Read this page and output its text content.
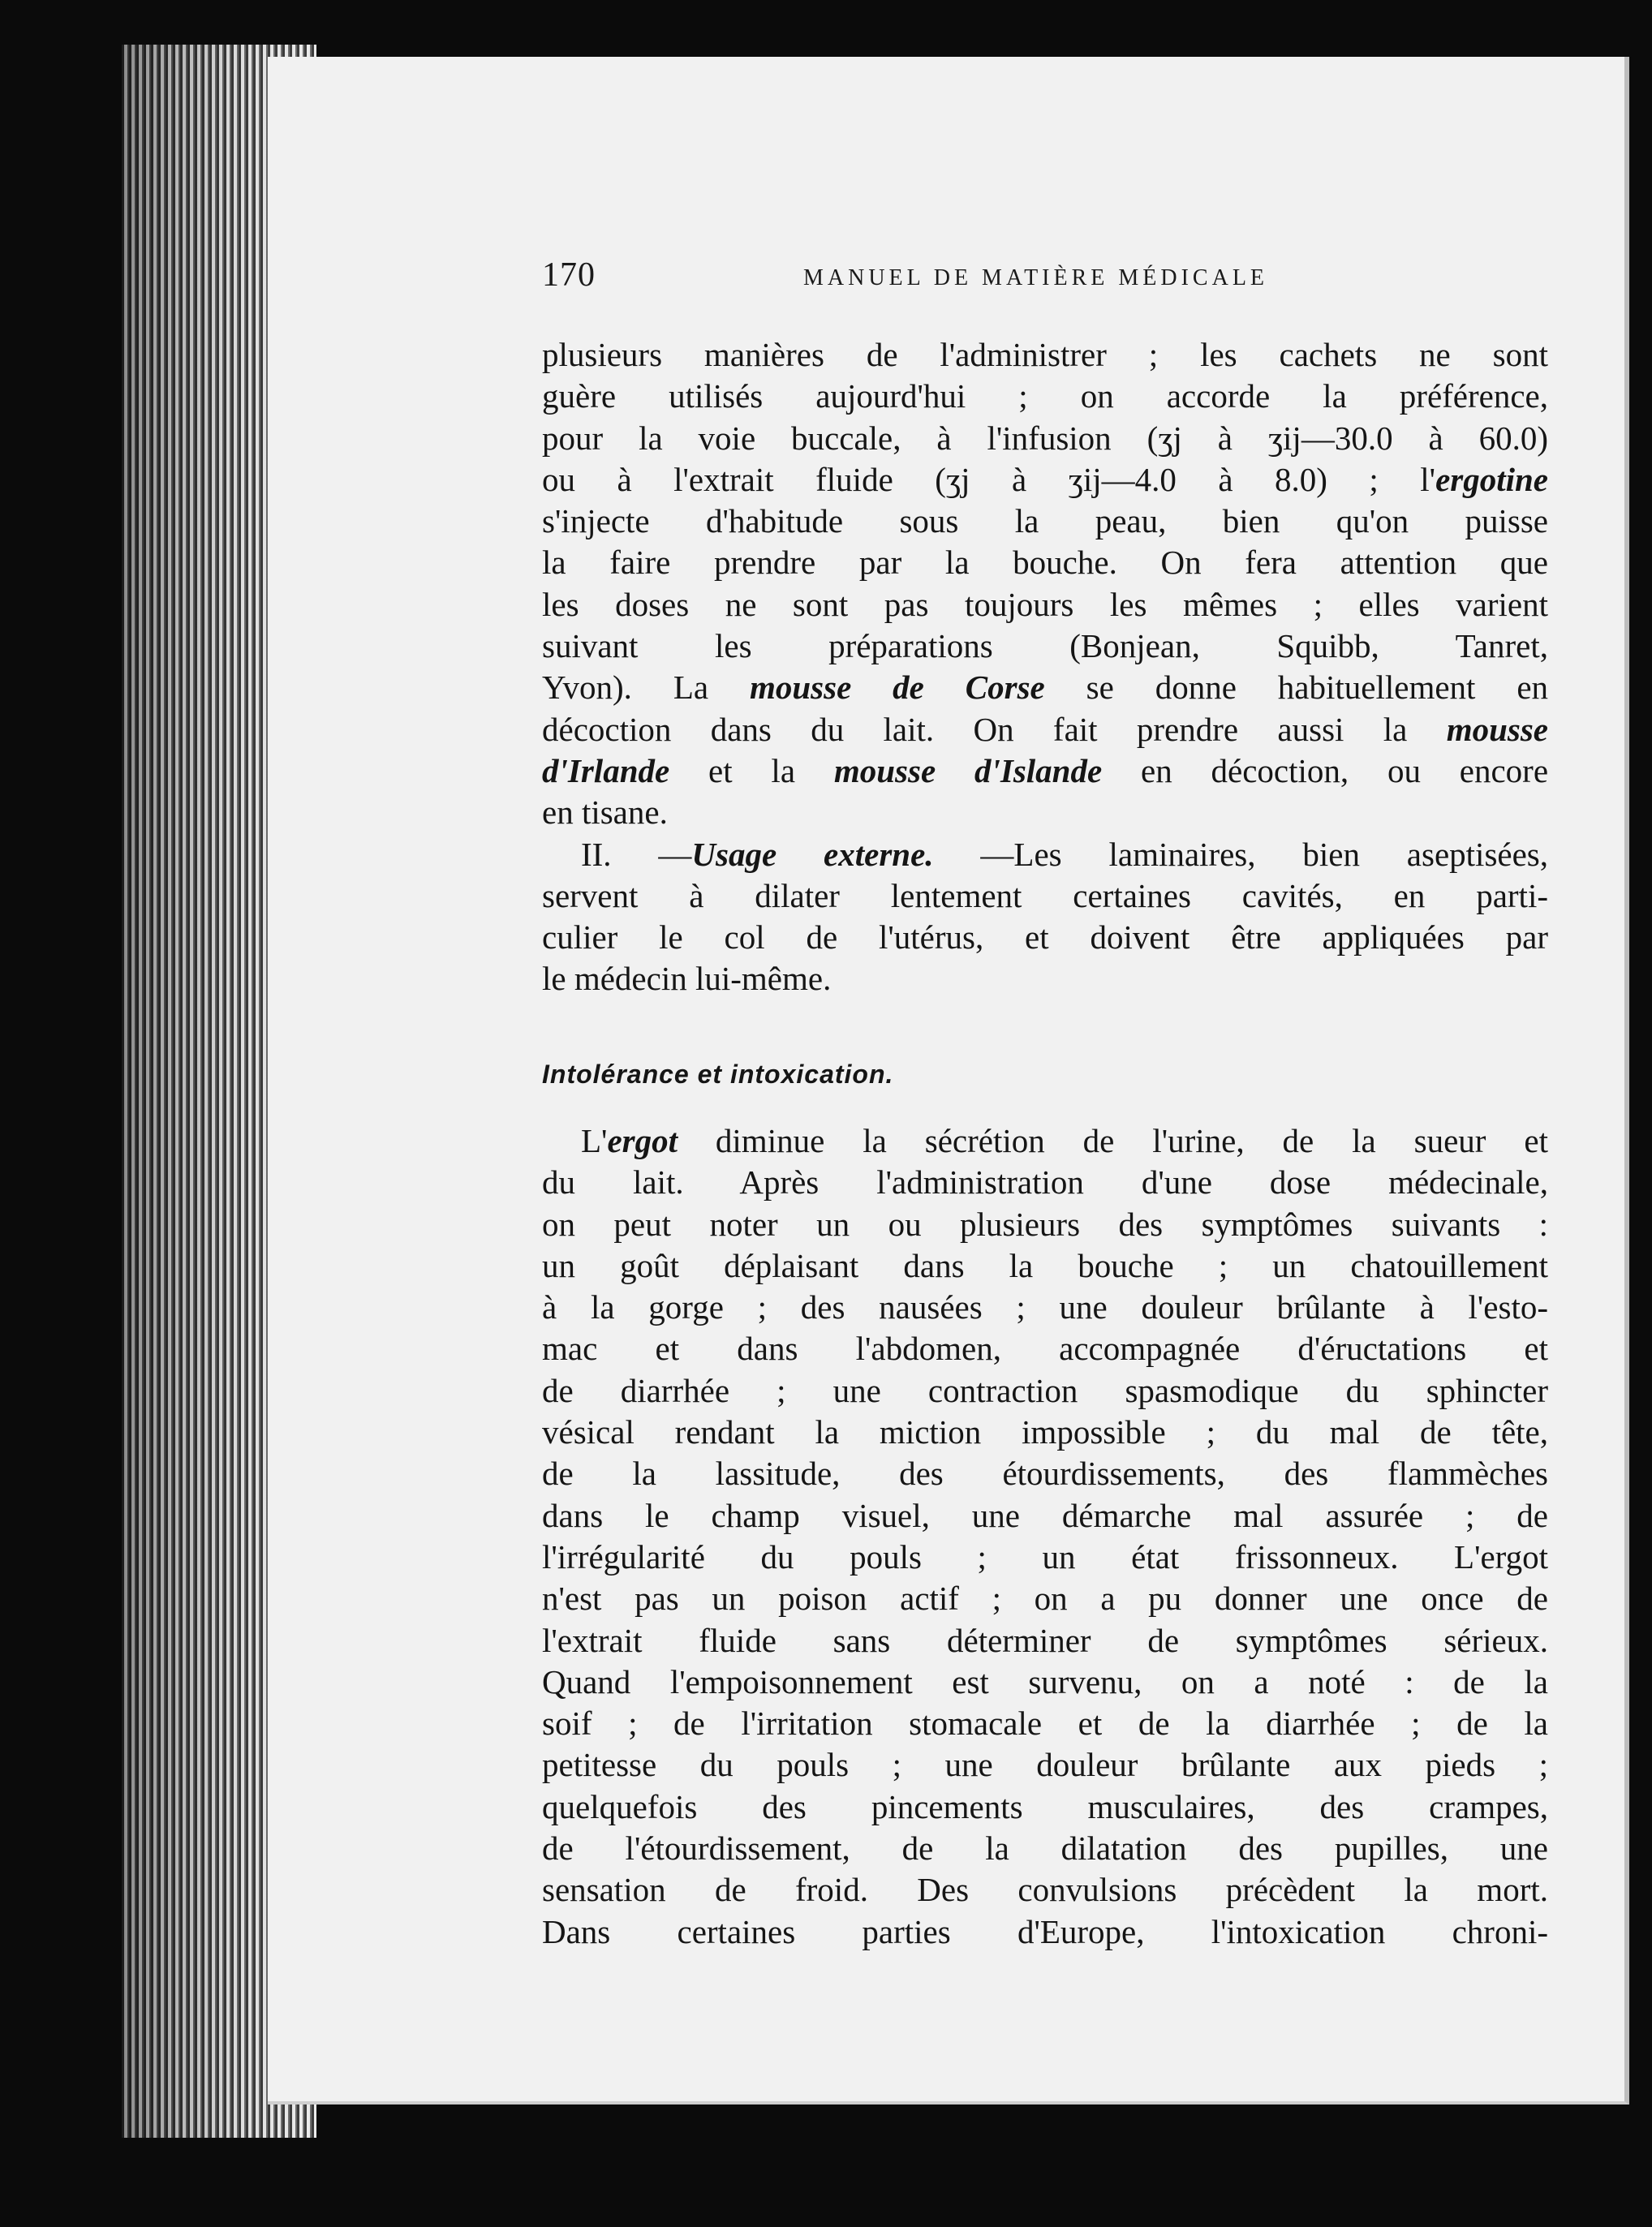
170	MANUEL DE MATIÈRE MÉDICALE
plusieurs manières de l'administrer ; les cachets ne sont
guère utilisés aujourd'hui ; on accorde la préférence,
pour la voie buccale, à l'infusion (ʒj à ʒij—30.0 à 60.0)
ou à l'extrait fluide (ʒj à ʒij—4.0 à 8.0) ; l'ergotine
s'injecte d'habitude sous la peau, bien qu'on puisse
la faire prendre par la bouche. On fera attention que
les doses ne sont pas toujours les mêmes ; elles varient
suivant les préparations (Bonjean, Squibb, Tanret,
Yvon). La mousse de Corse se donne habituellement en
décoction dans du lait. On fait prendre aussi la mousse
d'Irlande et la mousse d'Islande en décoction, ou encore
en tisane.
II. —Usage externe. —Les laminaires, bien aseptisées,
servent à dilater lentement certaines cavités, en parti-
culier le col de l'utérus, et doivent être appliquées par
le médecin lui-même.
Intolérance et intoxication.
L'ergot diminue la sécrétion de l'urine, de la sueur et
du lait. Après l'administration d'une dose médecinale,
on peut noter un ou plusieurs des symptômes suivants :
un goût déplaisant dans la bouche ; un chatouillement
à la gorge ; des nausées ; une douleur brûlante à l'esto-
mac et dans l'abdomen, accompagnée d'éructations et
de diarrhée ; une contraction spasmodique du sphincter
vésical rendant la miction impossible ; du mal de tête,
de la lassitude, des étourdissements, des flammèches
dans le champ visuel, une démarche mal assurée ; de
l'irrégularité du pouls ; un état frissonneux. L'ergot
n'est pas un poison actif ; on a pu donner une once de
l'extrait fluide sans déterminer de symptômes sérieux.
Quand l'empoisonnement est survenu, on a noté : de la
soif ; de l'irritation stomacale et de la diarrhée ; de la
petitesse du pouls ; une douleur brûlante aux pieds ;
quelquefois des pincements musculaires, des crampes,
de l'étourdissement, de la dilatation des pupilles, une
sensation de froid. Des convulsions précèdent la mort.
Dans certaines parties d'Europe, l'intoxication chroni-
